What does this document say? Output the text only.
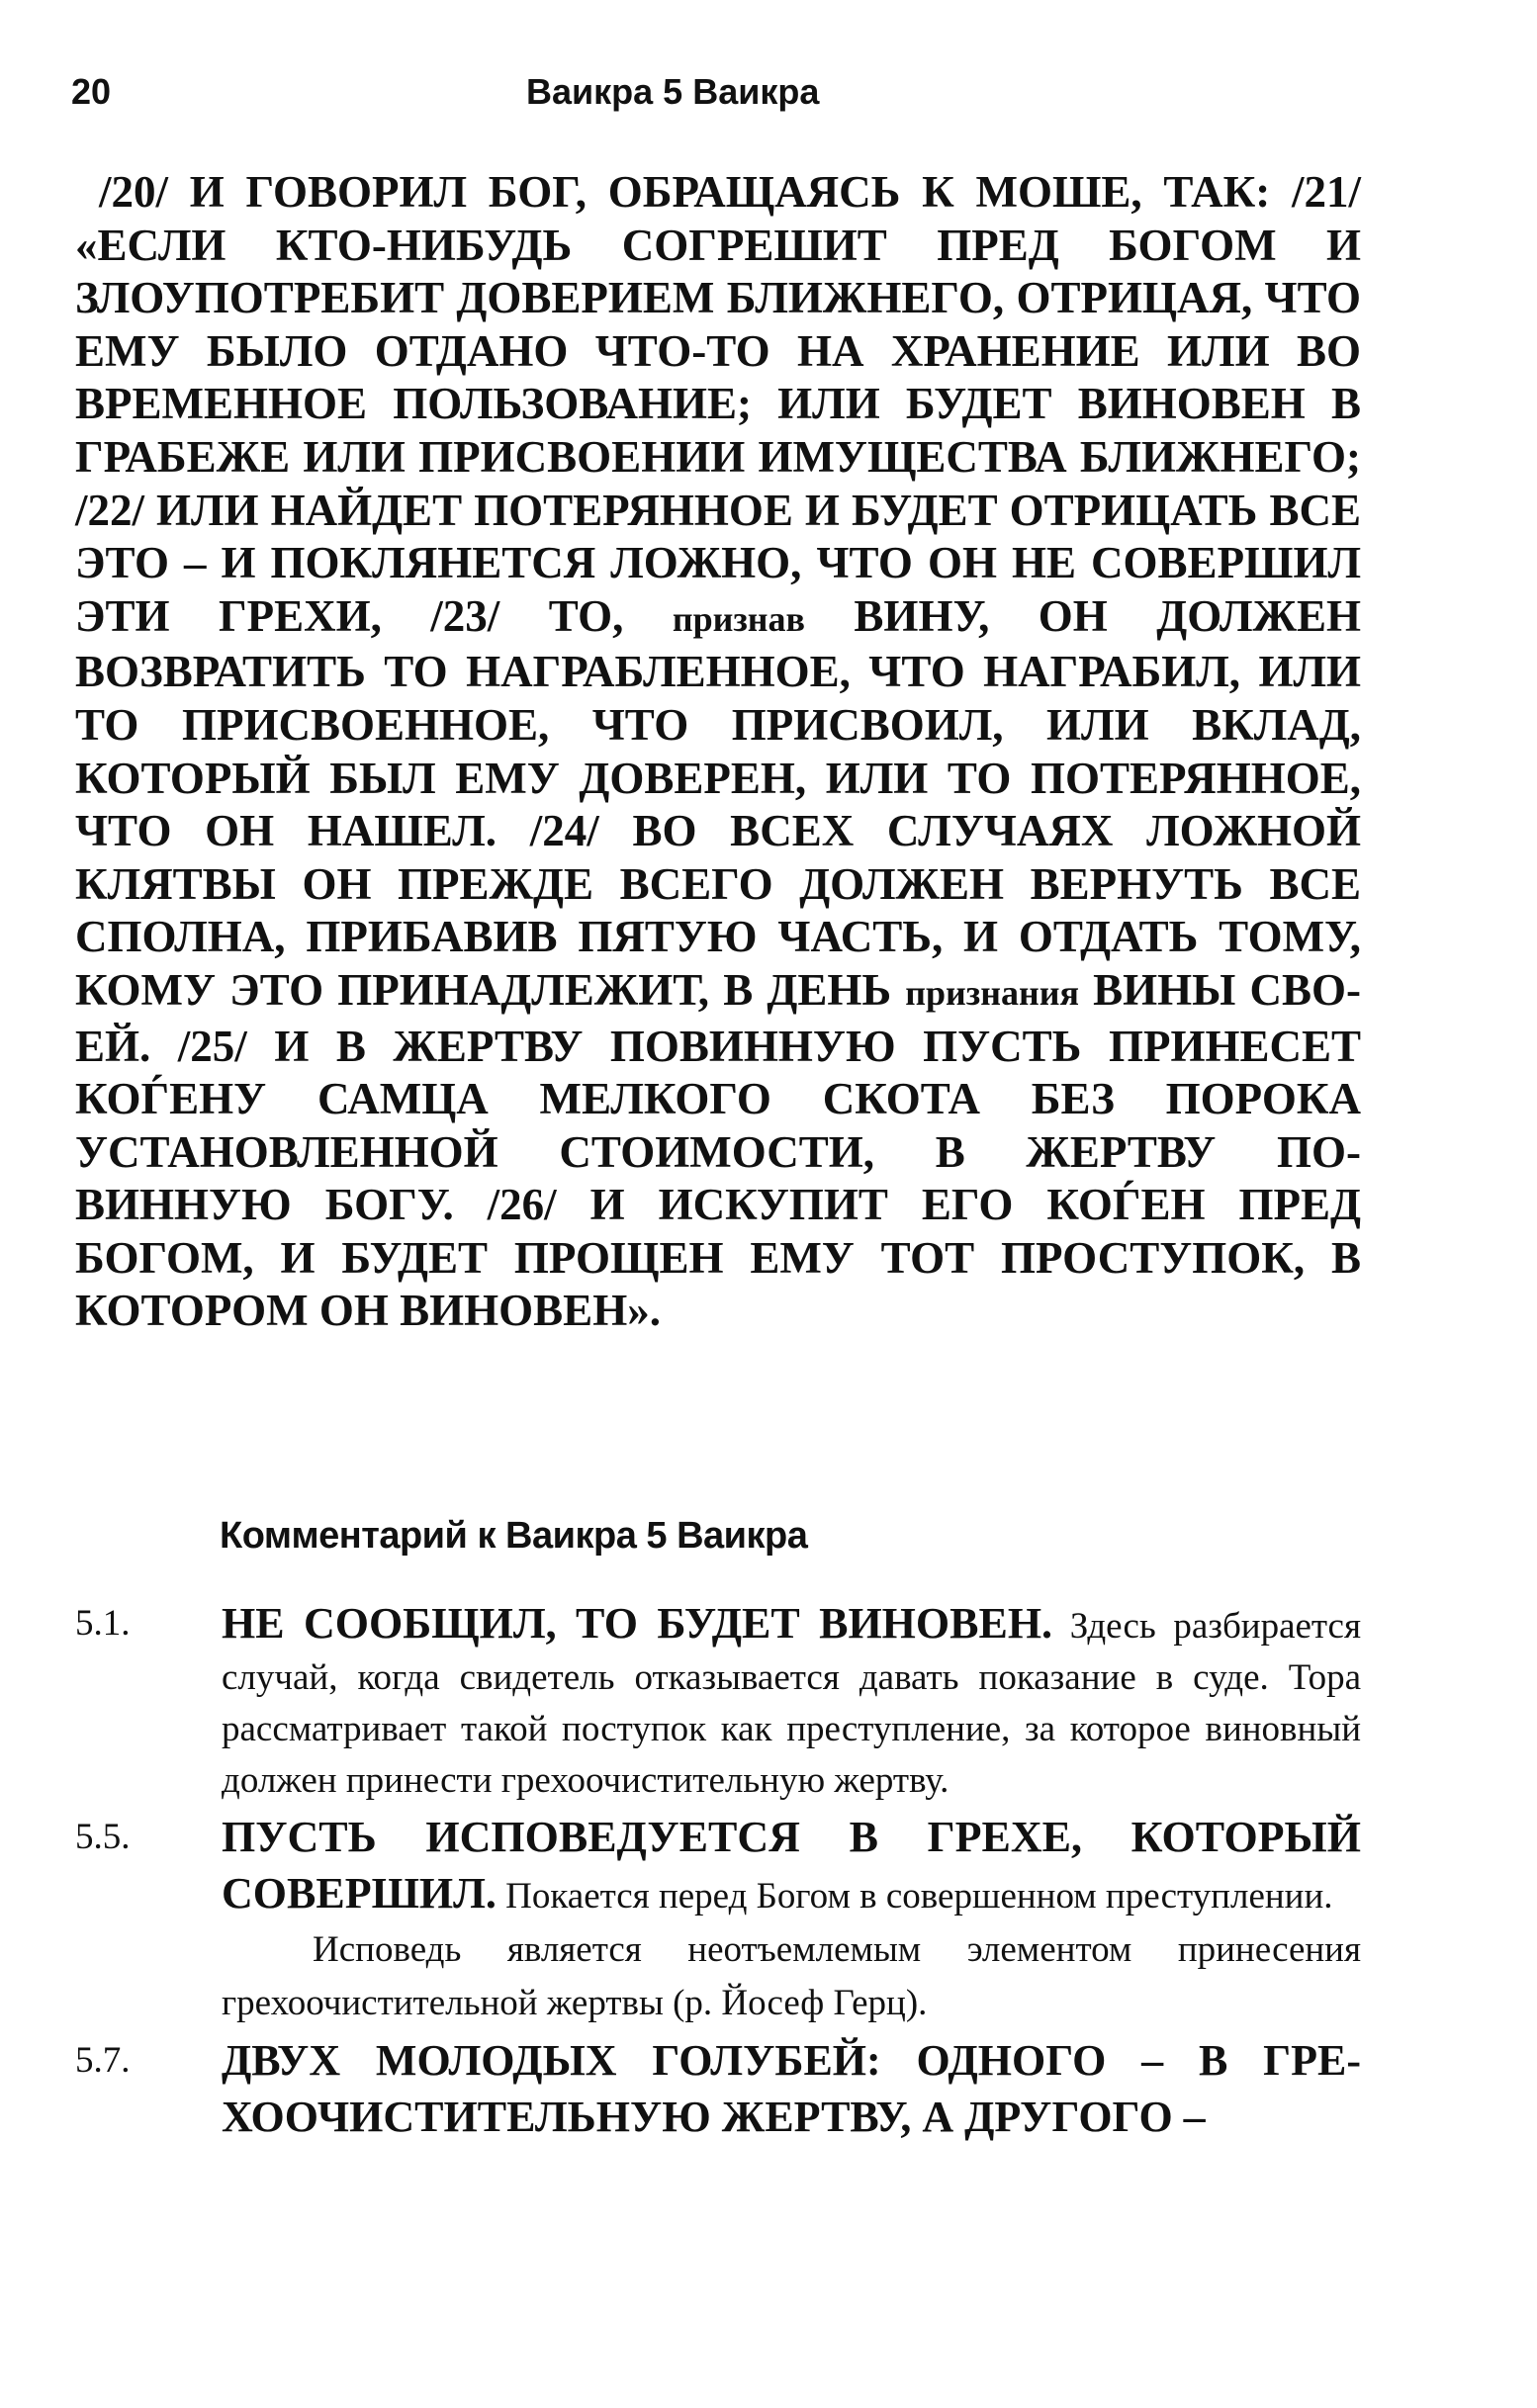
20	Ваикра 5 Ваикра
/20/ И ГОВОРИЛ БОГ, ОБРАЩАЯСЬ К МОШЕ, ТАК: /21/ «ЕСЛИ КТО-НИБУДЬ СОГРЕШИТ ПРЕД БОГОМ И ЗЛОУПОТРЕБИТ ДОВЕРИЕМ БЛИЖНЕГО, ОТРИЦАЯ, ЧТО ЕМУ БЫЛО ОТДАНО ЧТО-ТО НА ХРАНЕНИЕ ИЛИ ВО ВРЕМЕННОЕ ПОЛЬЗОВАНИЕ; ИЛИ БУДЕТ ВИНОВЕН В ГРАБЕЖЕ ИЛИ ПРИСВОЕНИИ ИМУЩЕСТВА БЛИЖНЕГО; /22/ ИЛИ НАЙДЕТ ПОТЕРЯННОЕ И БУДЕТ ОТРИЦАТЬ ВСЕ ЭТО – И ПОКЛЯНЕТСЯ ЛОЖНО, ЧТО ОН НЕ СОВЕРШИЛ ЭТИ ГРЕХИ, /23/ ТО, признав ВИНУ, ОН ДОЛЖЕН ВОЗВРАТИТЬ ТО НАГРАБЛЕННОЕ, ЧТО НАГРАБИЛ, ИЛИ ТО ПРИСВОЕННОЕ, ЧТО ПРИСВОИЛ, ИЛИ ВКЛАД, КОТОРЫЙ БЫЛ ЕМУ ДОВЕРЕН, ИЛИ ТО ПОТЕРЯННОЕ, ЧТО ОН НАШЕЛ. /24/ ВО ВСЕХ СЛУЧАЯХ ЛОЖНОЙ КЛЯТВЫ ОН ПРЕЖДЕ ВСЕГО ДОЛЖЕН ВЕРНУТЬ ВСЕ СПОЛНА, ПРИБАВИВ ПЯТУЮ ЧАСТЬ, И ОТДАТЬ ТОМУ, КОМУ ЭТО ПРИНАДЛЕЖИТ, В ДЕНЬ признания ВИНЫ СВОЕЙ. /25/ И В ЖЕРТВУ ПОВИННУЮ ПУСТЬ ПРИНЕСЕТ КОЃЕНУ САМЦА МЕЛКОГО СКОТА БЕЗ ПОРОКА УСТАНОВЛЕННОЙ СТОИМОСТИ, В ЖЕРТВУ ПОВИННУЮ БОГУ. /26/ И ИСКУПИТ ЕГО КОЃЕН ПРЕД БОГОМ, И БУДЕТ ПРОЩЕН ЕМУ ТОТ ПРОСТУПОК, В КОТОРОМ ОН ВИНОВЕН».
Комментарий к Ваикра 5 Ваикра
5.1. НЕ СООБЩИЛ, ТО БУДЕТ ВИНОВЕН. Здесь разбирается случай, когда свидетель отказывается давать показание в суде. Тора рассматривает такой поступок как преступление, за которое виновный должен принести грехоочистительную жертву.
5.5. ПУСТЬ ИСПОВЕДУЕТСЯ В ГРЕХЕ, КОТОРЫЙ СОВЕРШИЛ. Покается перед Богом в совершенном преступлении.
Исповедь является неотъемлемым элементом принесения грехоочистительной жертвы (р. Йосеф Герц).
5.7. ДВУХ МОЛОДЫХ ГОЛУБЕЙ: ОДНОГО – В ГРЕХООЧИСТИТЕЛЬНУЮ ЖЕРТВУ, А ДРУГОГО –
